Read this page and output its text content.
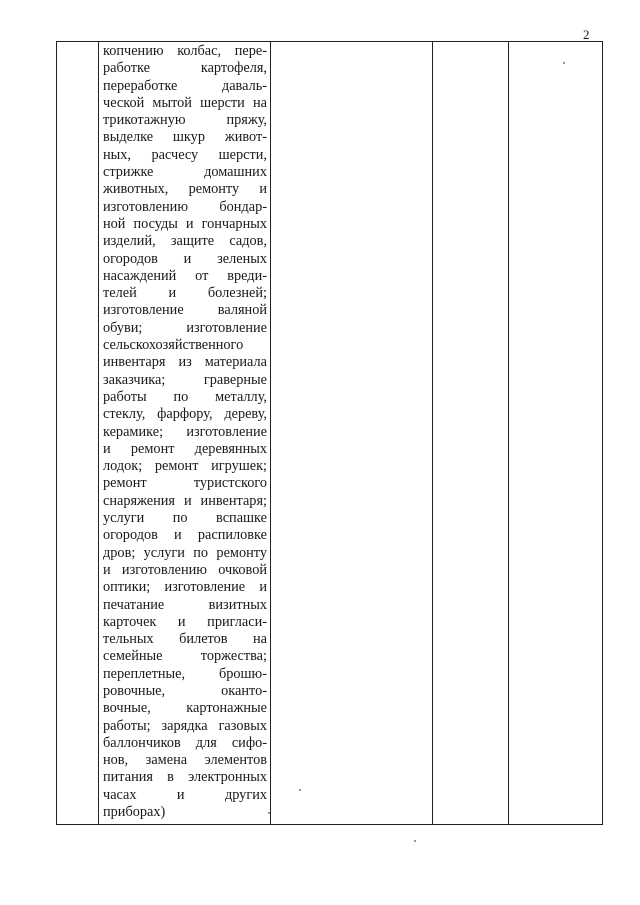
2

копчению колбас, пере-
работке картофеля,
переработке даваль-
ческой мытой шерсти на
трикотажную пряжу,
выделке шкур живот-
ных, расчесу шерсти,
стрижке домашних
животных, ремонту и
изготовлению бондар-
ной посуды и гончарных
изделий, защите садов,
огородов и зеленых
насаждений от вреди-
телей и болезней;
изготовление валяной
обуви; изготовление
сельскохозяйственного
инвентаря из материала
заказчика; граверные
работы по металлу,
стеклу, фарфору, дереву,
керамике; изготовление
и ремонт деревянных
лодок; ремонт игрушек;
ремонт туристского
снаряжения и инвентаря;
услуги по вспашке
огородов и распиловке
дров; услуги по ремонту
и изготовлению очковой
оптики; изготовление и
печатание визитных
карточек и пригласи-
тельных билетов на
семейные торжества;
переплетные, брошю-
ровочные, оканто-
вочные, картонажные
работы; зарядка газовых
баллончиков для сифо-
нов, замена элементов
питания в электронных
часах и других
приборах)
